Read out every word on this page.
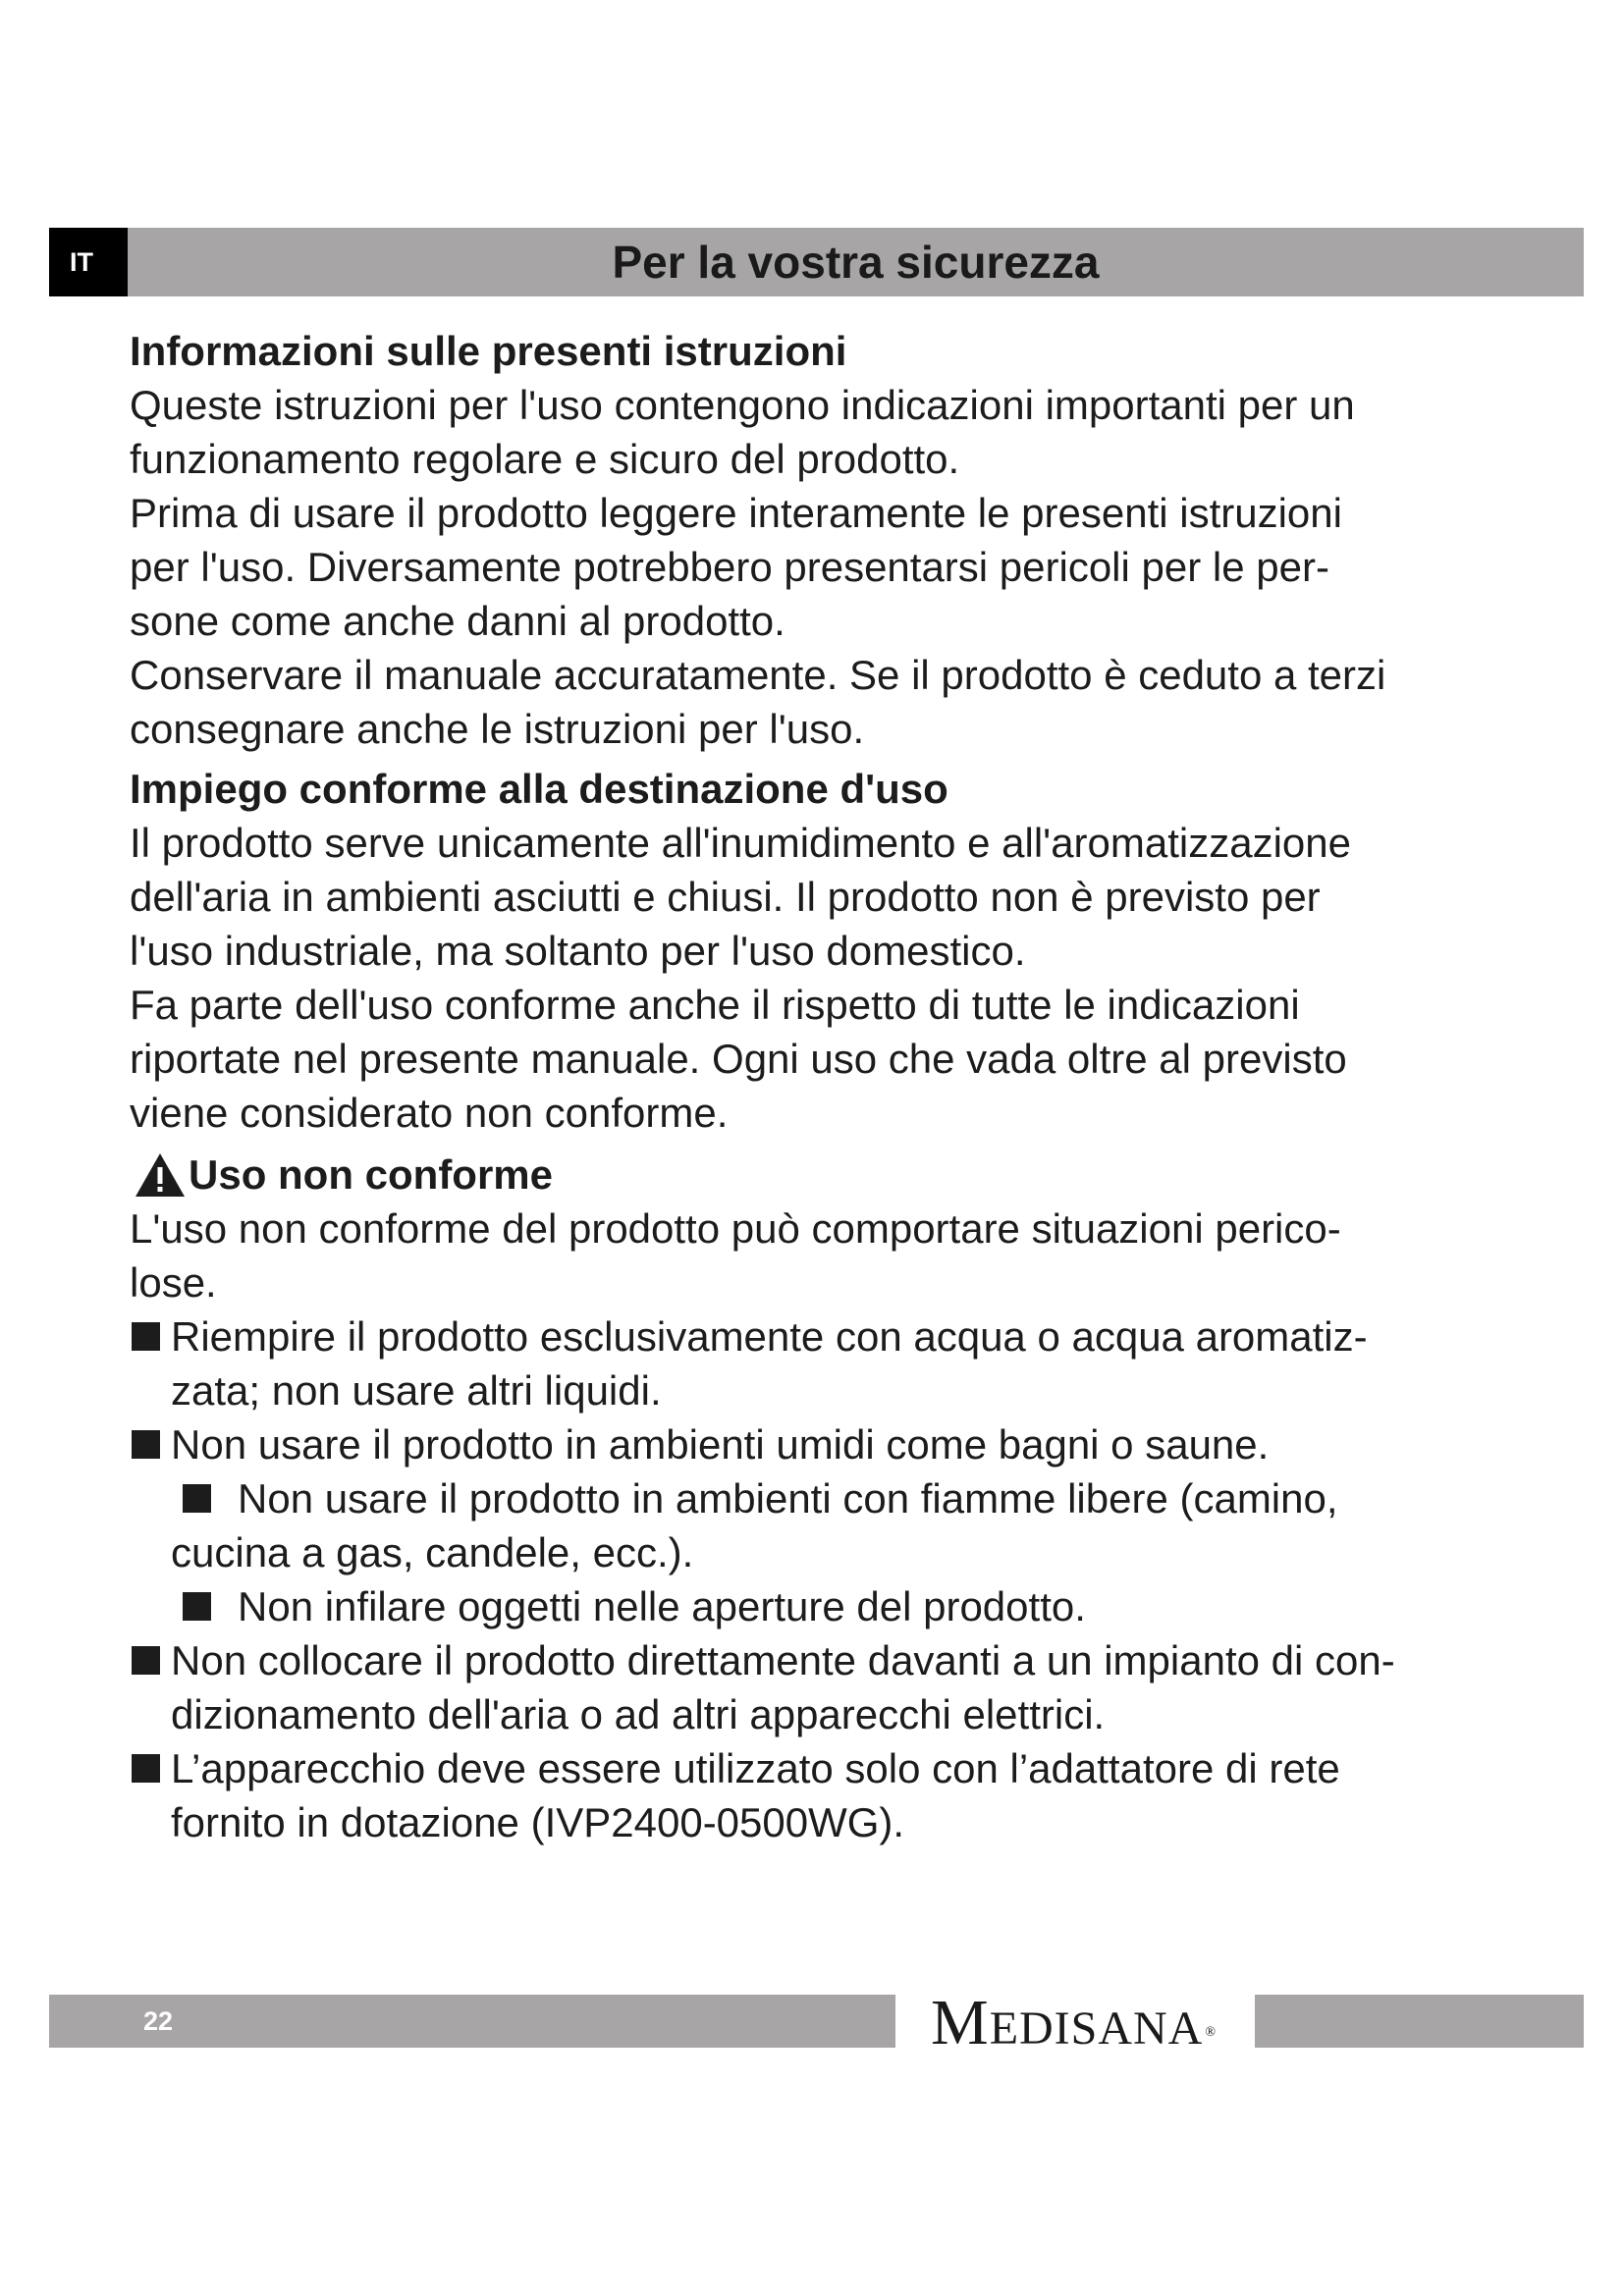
IT	Per la vostra sicurezza
Informazioni sulle presenti istruzioni

Queste istruzioni per l'uso contengono indicazioni importanti per un

funzionamento regolare e sicuro del prodotto.

Prima di usare il prodotto leggere interamente le presenti istruzioni

per l'uso. Diversamente potrebbero presentarsi pericoli per le per-

sone come anche danni al prodotto.

Conservare il manuale accuratamente. Se il prodotto è ceduto a terzi

consegnare anche le istruzioni per l'uso.

Impiego conforme alla destinazione d'uso

Il prodotto serve unicamente all'inumidimento e all'aromatizzazione

dell'aria in ambienti asciutti e chiusi. Il prodotto non è previsto per

l'uso industriale, ma soltanto per l'uso domestico.

Fa parte dell'uso conforme anche il rispetto di tutte le indicazioni

riportate nel presente manuale. Ogni uso che vada oltre al previsto

viene considerato non conforme.

Uso non conforme

L'uso non conforme del prodotto può comportare situazioni perico-

lose.

Riempire il prodotto esclusivamente con acqua o acqua aromatiz-
zata; non usare altri liquidi.
Non usare il prodotto in ambienti umidi come bagni o saune.
Non usare il prodotto in ambienti con fiamme libere (camino,
cucina a gas, candele, ecc.).
Non infilare oggetti nelle aperture del prodotto.
Non collocare il prodotto direttamente davanti a un impianto di con-
dizionamento dell'aria o ad altri apparecchi elettrici.
L’apparecchio deve essere utilizzato solo con l’adattatore di rete
fornito in dotazione (IVP2400-0500WG).
22	MEDISANA ®
